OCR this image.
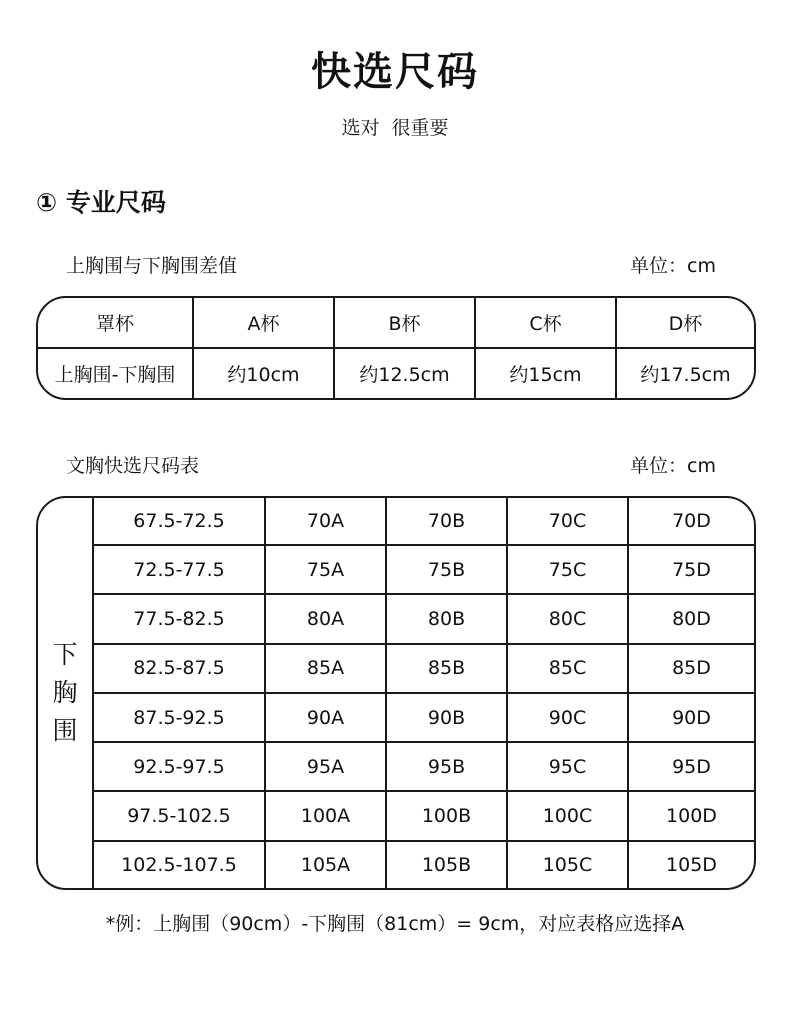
快选尺码
选对  很重要
① 专业尺码
上胸围与下胸围差值	单位：cm
罩杯	A杯	B杯	C杯	D杯
上胸围-下胸围	约10cm	约12.5cm	约15cm	约17.5cm
文胸快选尺码表	单位：cm
下胸围	67.5-72.5	70A	70B	70C	70D
	72.5-77.5	75A	75B	75C	75D
	77.5-82.5	80A	80B	80C	80D
	82.5-87.5	85A	85B	85C	85D
	87.5-92.5	90A	90B	90C	90D
	92.5-97.5	95A	95B	95C	95D
	97.5-102.5	100A	100B	100C	100D
	102.5-107.5	105A	105B	105C	105D
*例：上胸围（90cm）-下胸围（81cm）= 9cm，对应表格应选择A
